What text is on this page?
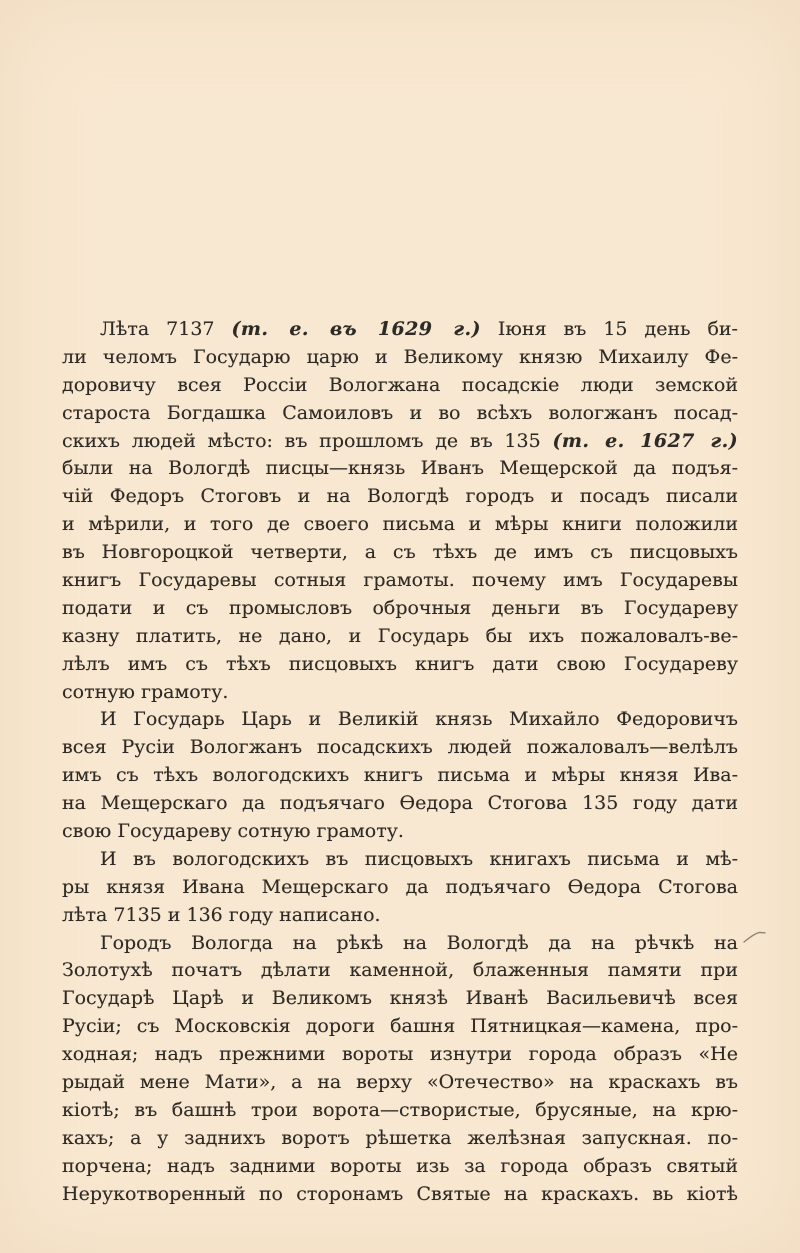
Лѣта 7137 (т. е. въ 1629 г.) Іюня въ 15 день би-
ли челомъ Государю царю и Великому князю Михаилу Фе-
доровичу всея Россіи Вологжана посадскіе люди земской
староста Богдашка Самоиловъ и во всѣхъ вологжанъ посад-
скихъ людей мѣсто: въ прошломъ де въ 135 (т. е. 1627 г.)
были на Вологдѣ писцы—князь Иванъ Мещерской да подъя-
чій Федоръ Стоговъ и на Вологдѣ городъ и посадъ писали
и мѣрили, и того де своего письма и мѣры книги положили
въ Новгороцкой четверти, а съ тѣхъ де имъ съ писцовыхъ
книгъ Государевы сотныя грамоты. почему имъ Государевы
подати и съ промысловъ оброчныя деньги въ Государеву
казну платить, не дано, и Государь бы ихъ пожаловалъ-ве-
лѣлъ имъ съ тѣхъ писцовыхъ книгъ дати свою Государеву
сотную грамоту.
И Государь Царь и Великій князь Михайло Федоровичъ
всея Русіи Вологжанъ посадскихъ людей пожаловалъ—велѣлъ
имъ съ тѣхъ вологодскихъ книгъ письма и мѣры князя Ива-
на Мещерскаго да подъячаго Ѳедора Стогова 135 году дати
свою Государеву сотную грамоту.
И въ вологодскихъ въ писцовыхъ книгахъ письма и мѣ-
ры князя Ивана Мещерскаго да подъячаго Ѳедора Стогова
лѣта 7135 и 136 году написано.
Городъ Вологда на рѣкѣ на Вологдѣ да на рѣчкѣ на
Золотухѣ початъ дѣлати каменной, блаженныя памяти при
Государѣ Царѣ и Великомъ князѣ Иванѣ Васильевичѣ всея
Русіи; съ Московскія дороги башня Пятницкая—камена, про-
ходная; надъ прежними вороты изнутри города образъ «Не
рыдай мене Мати», а на верху «Отечество» на краскахъ въ
кіотѣ; въ башнѣ трои ворота—створистые, брусяные, на крю-
кахъ; а у заднихъ воротъ рѣшетка желѣзная запускная. по-
порчена; надъ задними вороты изь за города образъ святый
Нерукотворенный по сторонамъ Святые на краскахъ. вь кіотѣ
